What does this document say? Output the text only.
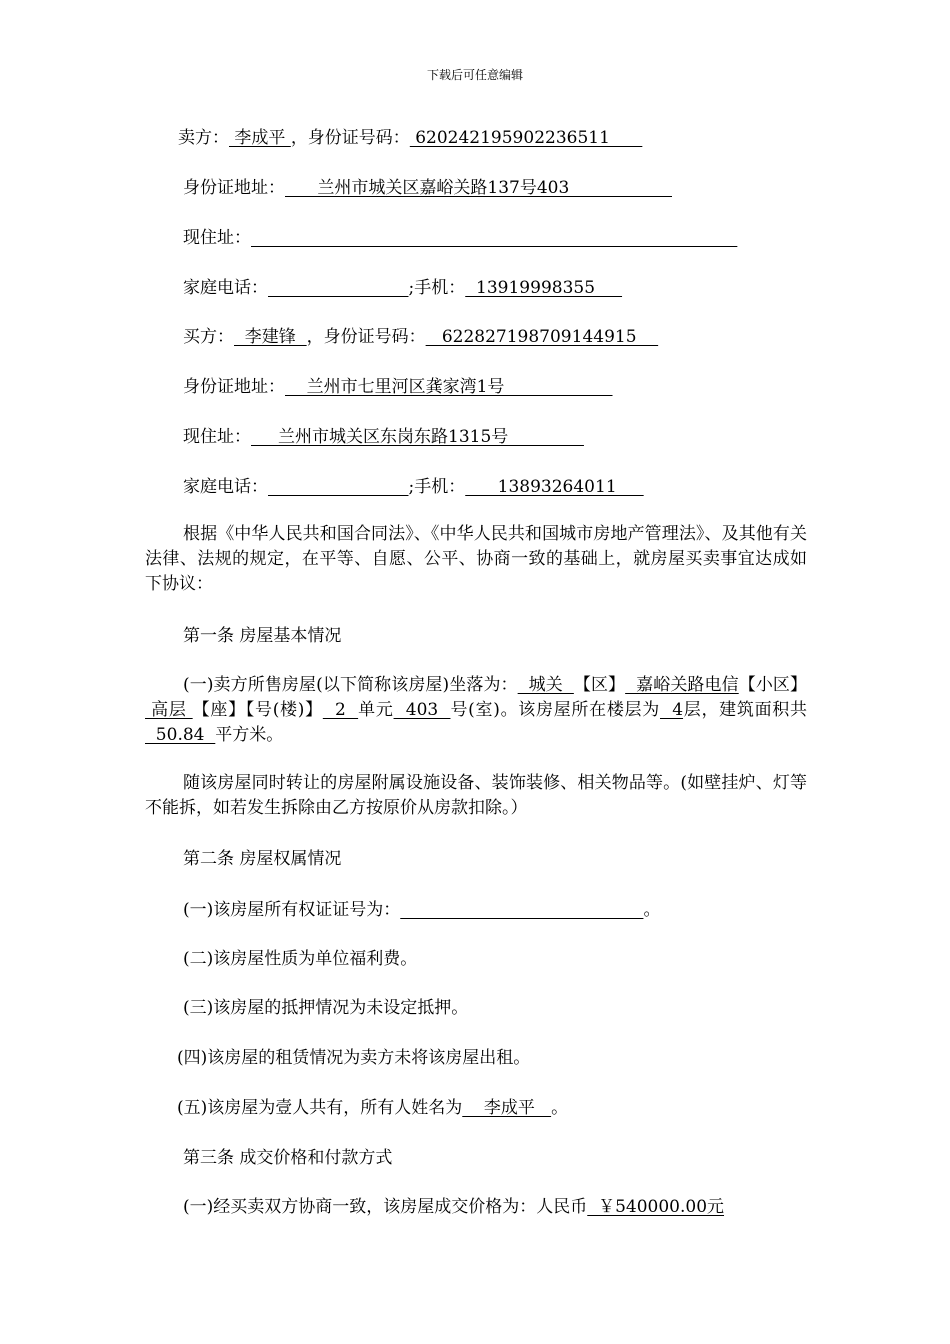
下载后可任意编辑
卖方： 李成平 ，身份证号码： 620242195902236511
身份证地址：      兰州市城关区嘉峪关路137号403
现住址：
家庭电话：	;手机：  13919998355
买方：  李建锋  ，身份证号码：   622827198709144915
身份证地址：    兰州市七里河区龚家湾1号
现住址：     兰州市城关区东岗东路1315号
家庭电话：	;手机：      13893264011
根据《中华人民共和国合同法》、《中华人民共和国城市房地产管理法》、及其他有关法律、法规的规定，在平等、自愿、公平、协商一致的基础上，就房屋买卖事宜达成如下协议：
第一条 房屋基本情况
(一)卖方所售房屋(以下简称该房屋)坐落为：  城关  【区】  嘉峪关路电信【小区】 高层 【座】【号(楼)】  2  单元  403  号(室)。该房屋所在楼层为  4层，建筑面积共  50.84  平方米。
随该房屋同时转让的房屋附属设施设备、装饰装修、相关物品等。(如壁挂炉、灯等不能拆，如若发生拆除由乙方按原价从房款扣除。）
第二条 房屋权属情况
(一)该房屋所有权证证号为：	。
(二)该房屋性质为单位福利费。
(三)该房屋的抵押情况为未设定抵押。
(四)该房屋的租赁情况为卖方未将该房屋出租。
(五)该房屋为壹人共有，所有人姓名为    李成平   。
第三条 成交价格和付款方式
(一)经买卖双方协商一致，该房屋成交价格为：人民币  ￥540000.00元
